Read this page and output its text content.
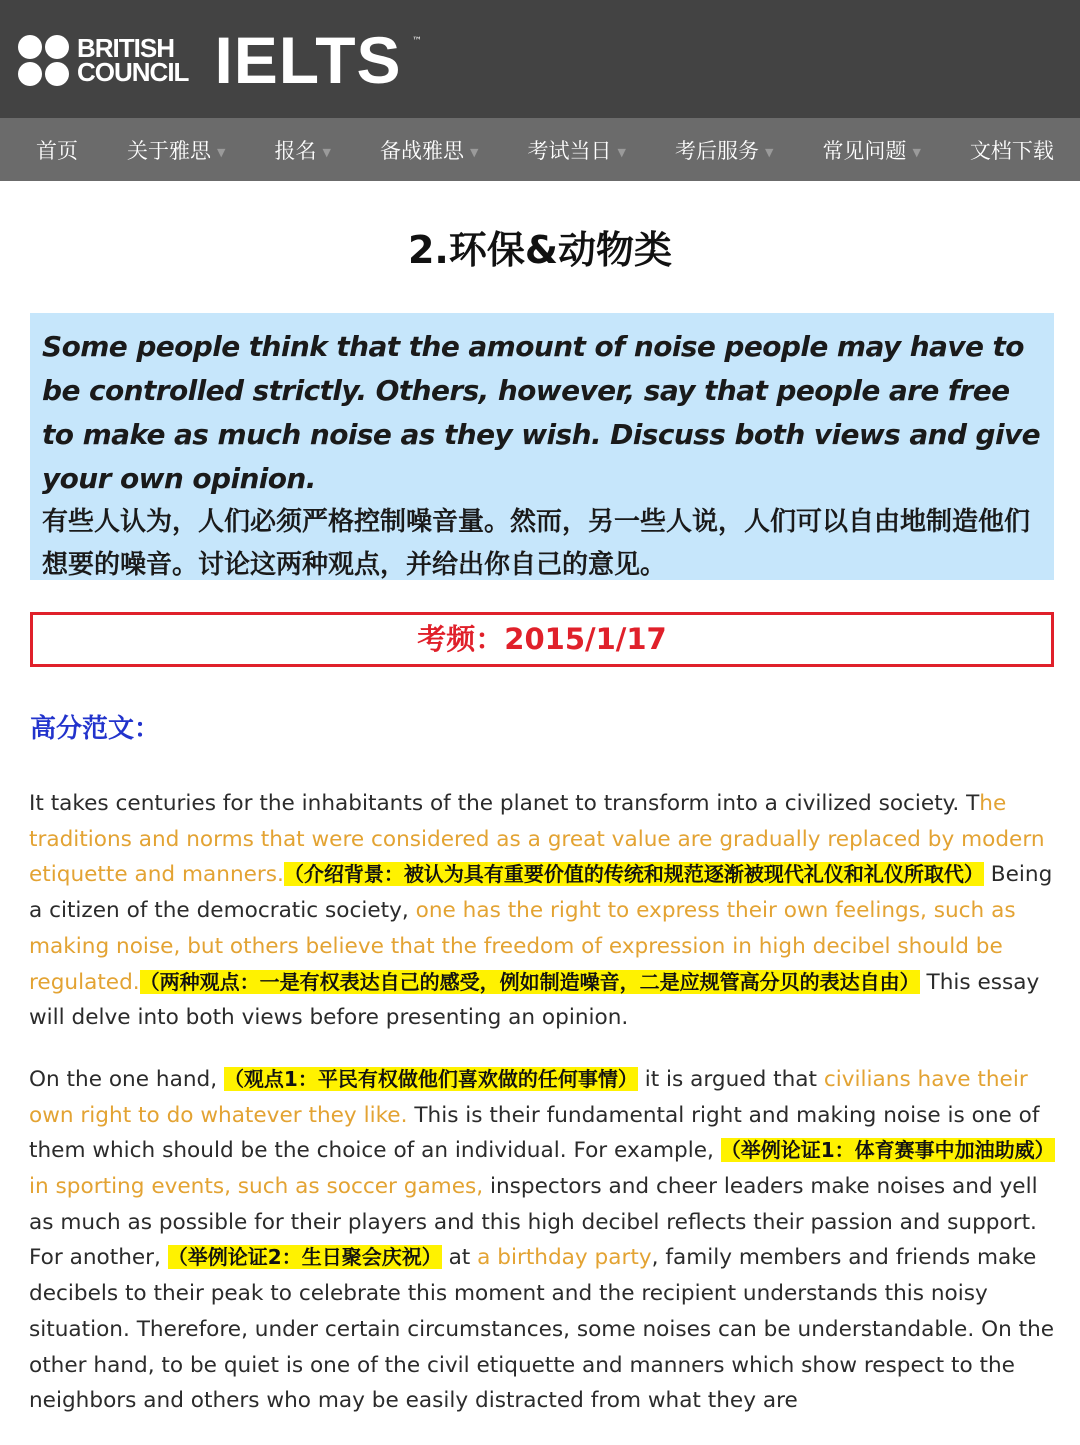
BRITISH
COUNCIL IELTS ™
首页 关于雅思 ▼ 报名 ▼ 备战雅思 ▼ 考试当日 ▼ 考后服务 ▼ 常见问题 ▼ 文档下载
2.环保&动物类
Some people think that the amount of noise people may have to be controlled strictly. Others, however, say that people are free to make as much noise as they wish. Discuss both views and give your own opinion.
有些人认为，人们必须严格控制噪音量。然而，另一些人说，人们可以自由地制造他们想要的噪音。讨论这两种观点，并给出你自己的意见。
考频：2015/1/17
高分范文：

It takes centuries for the inhabitants of the planet to transform into a civilized society. The traditions and norms that were considered as a great value are gradually replaced by modern etiquette and manners.（介绍背景：被认为具有重要价值的传统和规范逐渐被现代礼仪和礼仪所取代） Being a citizen of the democratic society, one has the right to express their own feelings, such as making noise, but others believe that the freedom of expression in high decibel should be regulated.（两种观点：一是有权表达自己的感受，例如制造噪音，二是应规管高分贝的表达自由） This essay will delve into both views before presenting an opinion.

On the one hand, （观点1：平民有权做他们喜欢做的任何事情） it is argued that civilians have their own right to do whatever they like. This is their fundamental right and making noise is one of them which should be the choice of an individual. For example, （举例论证1：体育赛事中加油助威） in sporting events, such as soccer games, inspectors and cheer leaders make noises and yell as much as possible for their players and this high decibel reflects their passion and support. For another, （举例论证2：生日聚会庆祝） at a birthday party, family members and friends make decibels to their peak to celebrate this moment and the recipient understands this noisy situation. Therefore, under certain circumstances, some noises can be understandable. On the other hand, to be quiet is one of the civil etiquette and manners which show respect to the neighbors and others who may be easily distracted from what they are
